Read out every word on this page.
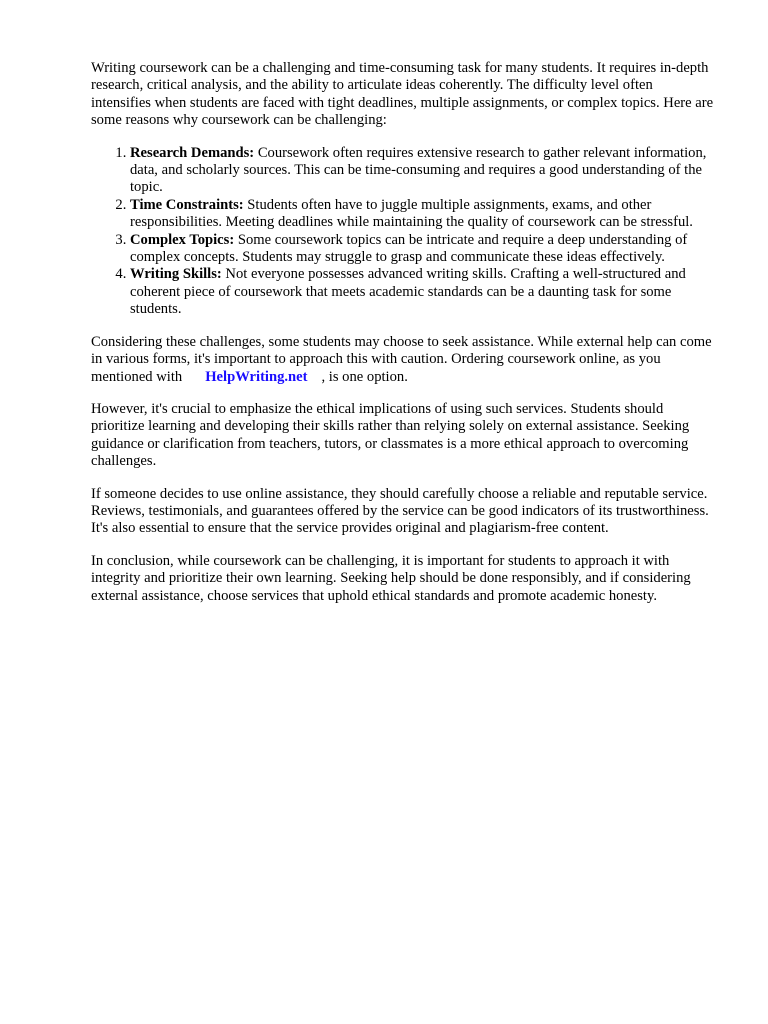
Writing coursework can be a challenging and time-consuming task for many students. It requires in-depth research, critical analysis, and the ability to articulate ideas coherently. The difficulty level often intensifies when students are faced with tight deadlines, multiple assignments, or complex topics. Here are some reasons why coursework can be challenging:

1. Research Demands: Coursework often requires extensive research to gather relevant information, data, and scholarly sources. This can be time-consuming and requires a good understanding of the topic.
2. Time Constraints: Students often have to juggle multiple assignments, exams, and other responsibilities. Meeting deadlines while maintaining the quality of coursework can be stressful.
3. Complex Topics: Some coursework topics can be intricate and require a deep understanding of complex concepts. Students may struggle to grasp and communicate these ideas effectively.
4. Writing Skills: Not everyone possesses advanced writing skills. Crafting a well-structured and coherent piece of coursework that meets academic standards can be a daunting task for some students.

Considering these challenges, some students may choose to seek assistance. While external help can come in various forms, it's important to approach this with caution. Ordering coursework online, as you mentioned with HelpWriting.net , is one option.

However, it's crucial to emphasize the ethical implications of using such services. Students should prioritize learning and developing their skills rather than relying solely on external assistance. Seeking guidance or clarification from teachers, tutors, or classmates is a more ethical approach to overcoming challenges.

If someone decides to use online assistance, they should carefully choose a reliable and reputable service. Reviews, testimonials, and guarantees offered by the service can be good indicators of its trustworthiness. It's also essential to ensure that the service provides original and plagiarism-free content.

In conclusion, while coursework can be challenging, it is important for students to approach it with integrity and prioritize their own learning. Seeking help should be done responsibly, and if considering external assistance, choose services that uphold ethical standards and promote academic honesty.
